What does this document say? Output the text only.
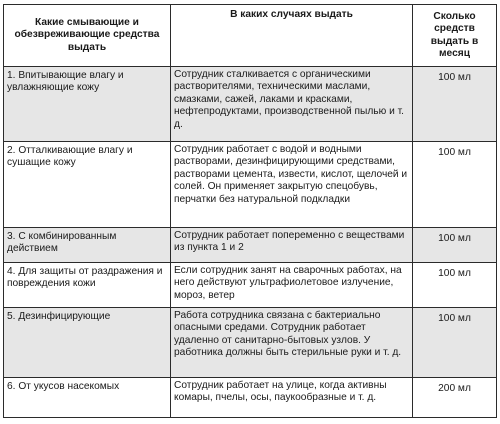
Какие смывающие и обезвреживающие средства выдать	В каких случаях выдать	Сколько средств выдать в месяц
1. Впитывающие влагу и увлажняющие кожу	Сотрудник сталкивается с органическими растворителями, техническими маслами, смазками, сажей, лаками и красками, нефтепродуктами, производственной пылью и т. д.	100 мл
2. Отталкивающие влагу и сушащие кожу	Сотрудник работает с водой и водными растворами, дезинфицирующими средствами, растворами цемента, извести, кислот, щелочей и солей. Он применяет закрытую спецобувь, перчатки без натуральной подкладки	100 мл
3. С комбинированным действием	Сотрудник работает попеременно с веществами из пункта 1 и 2	100 мл
4. Для защиты от раздражения и повреждения кожи	Если сотрудник занят на сварочных работах, на него действуют ультрафиолетовое излучение, мороз, ветер	100 мл
5. Дезинфицирующие	Работа сотрудника связана с бактериально опасными средами. Сотрудник работает удаленно от санитарно-бытовых узлов. У работника должны быть стерильные руки и т. д.	100 мл
6. От укусов насекомых	Сотрудник работает на улице, когда активны комары, пчелы, осы, паукообразные и т. д.	200 мл
